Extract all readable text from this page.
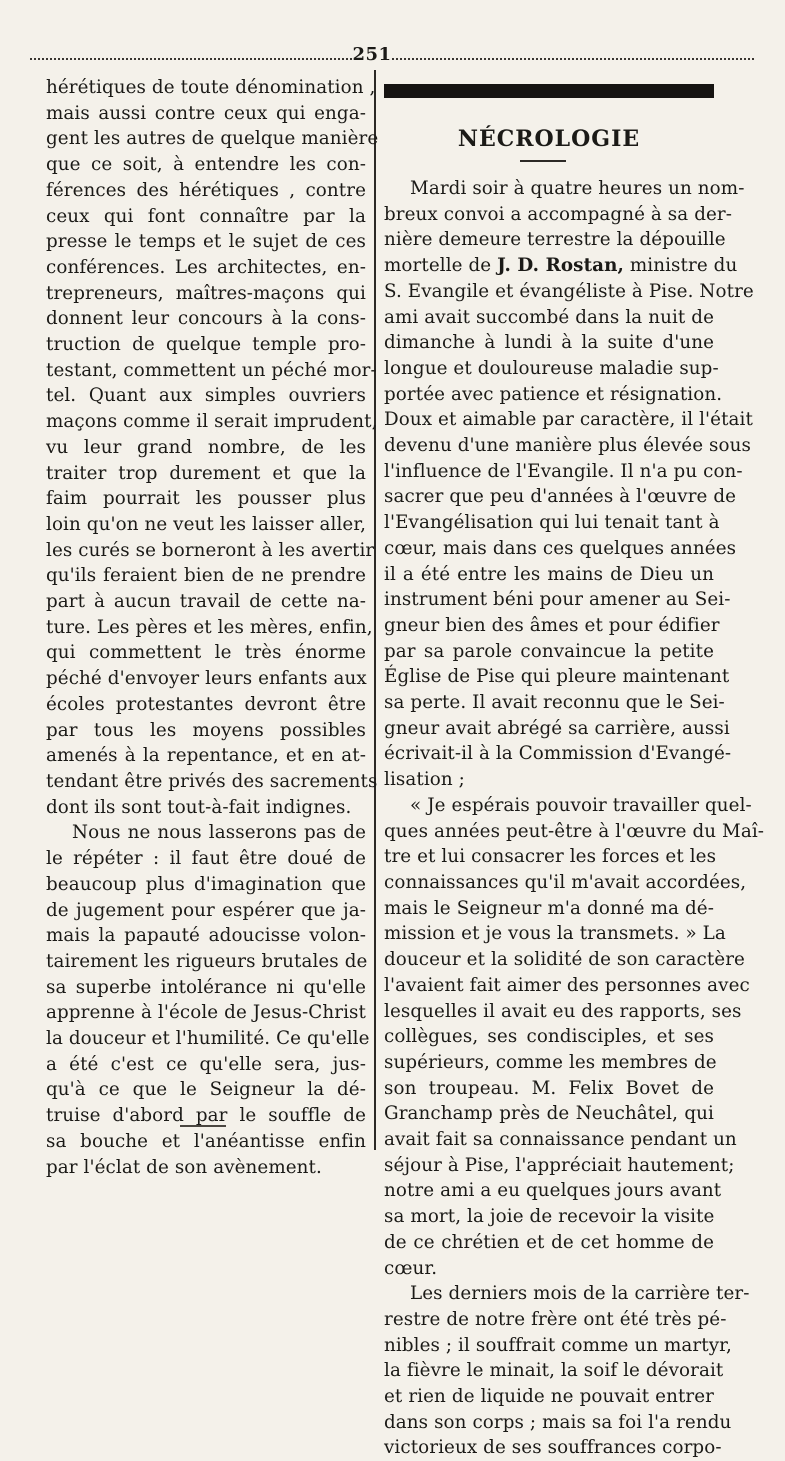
251
hérétiques de toute dénomination ,
mais aussi contre ceux qui enga-
gent les autres de quelque manière
que ce soit, à entendre les con-
férences des hérétiques , contre
ceux qui font connaître par la
presse le temps et le sujet de ces
conférences. Les architectes, en-
trepreneurs, maîtres-maçons qui
donnent leur concours à la cons-
truction de quelque temple pro-
testant, commettent un péché mor-
tel. Quant aux simples ouvriers
maçons comme il serait imprudent,
vu leur grand nombre, de les
traiter trop durement et que la
faim pourrait les pousser plus
loin qu'on ne veut les laisser aller,
les curés se borneront à les avertir
qu'ils feraient bien de ne prendre
part à aucun travail de cette na-
ture. Les pères et les mères, enfin,
qui commettent le très énorme
péché d'envoyer leurs enfants aux
écoles protestantes devront être
par tous les moyens possibles
amenés à la repentance, et en at-
tendant être privés des sacrements
dont ils sont tout-à-fait indignes.
Nous ne nous lasserons pas de
le répéter : il faut être doué de
beaucoup plus d'imagination que
de jugement pour espérer que ja-
mais la papauté adoucisse volon-
tairement les rigueurs brutales de
sa superbe intolérance ni qu'elle
apprenne à l'école de Jesus-Christ
la douceur et l'humilité. Ce qu'elle
a été c'est ce qu'elle sera, jus-
qu'à ce que le Seigneur la dé-
truise d'abord par le souffle de
sa bouche et l'anéantisse enfin
par l'éclat de son avènement.
NÉCROLOGIE
Mardi soir à quatre heures un nom-
breux convoi a accompagné à sa der-
nière demeure terrestre la dépouille
mortelle de J. D. Rostan, ministre du
S. Evangile et évangéliste à Pise. Notre
ami avait succombé dans la nuit de
dimanche à lundi à la suite d'une
longue et douloureuse maladie sup-
portée avec patience et résignation.
Doux et aimable par caractère, il l'était
devenu d'une manière plus élevée sous
l'influence de l'Evangile. Il n'a pu con-
sacrer que peu d'années à l'œuvre de
l'Evangélisation qui lui tenait tant à
cœur, mais dans ces quelques années
il a été entre les mains de Dieu un
instrument béni pour amener au Sei-
gneur bien des âmes et pour édifier
par sa parole convaincue la petite
Église de Pise qui pleure maintenant
sa perte. Il avait reconnu que le Sei-
gneur avait abrégé sa carrière, aussi
écrivait-il à la Commission d'Evangé-
lisation ;
« Je espérais pouvoir travailler quel-
ques années peut-être à l'œuvre du Maî-
tre et lui consacrer les forces et les
connaissances qu'il m'avait accordées,
mais le Seigneur m'a donné ma dé-
mission et je vous la transmets. » La
douceur et la solidité de son caractère
l'avaient fait aimer des personnes avec
lesquelles il avait eu des rapports, ses
collègues, ses condisciples, et ses
supérieurs, comme les membres de
son troupeau. M. Felix Bovet de
Granchamp près de Neuchâtel, qui
avait fait sa connaissance pendant un
séjour à Pise, l'appréciait hautement;
notre ami a eu quelques jours avant
sa mort, la joie de recevoir la visite
de ce chrétien et de cet homme de
cœur.
Les derniers mois de la carrière ter-
restre de notre frère ont été très pé-
nibles ; il souffrait comme un martyr,
la fièvre le minait, la soif le dévorait
et rien de liquide ne pouvait entrer
dans son corps ; mais sa foi l'a rendu
victorieux de ses souffrances corpo-
